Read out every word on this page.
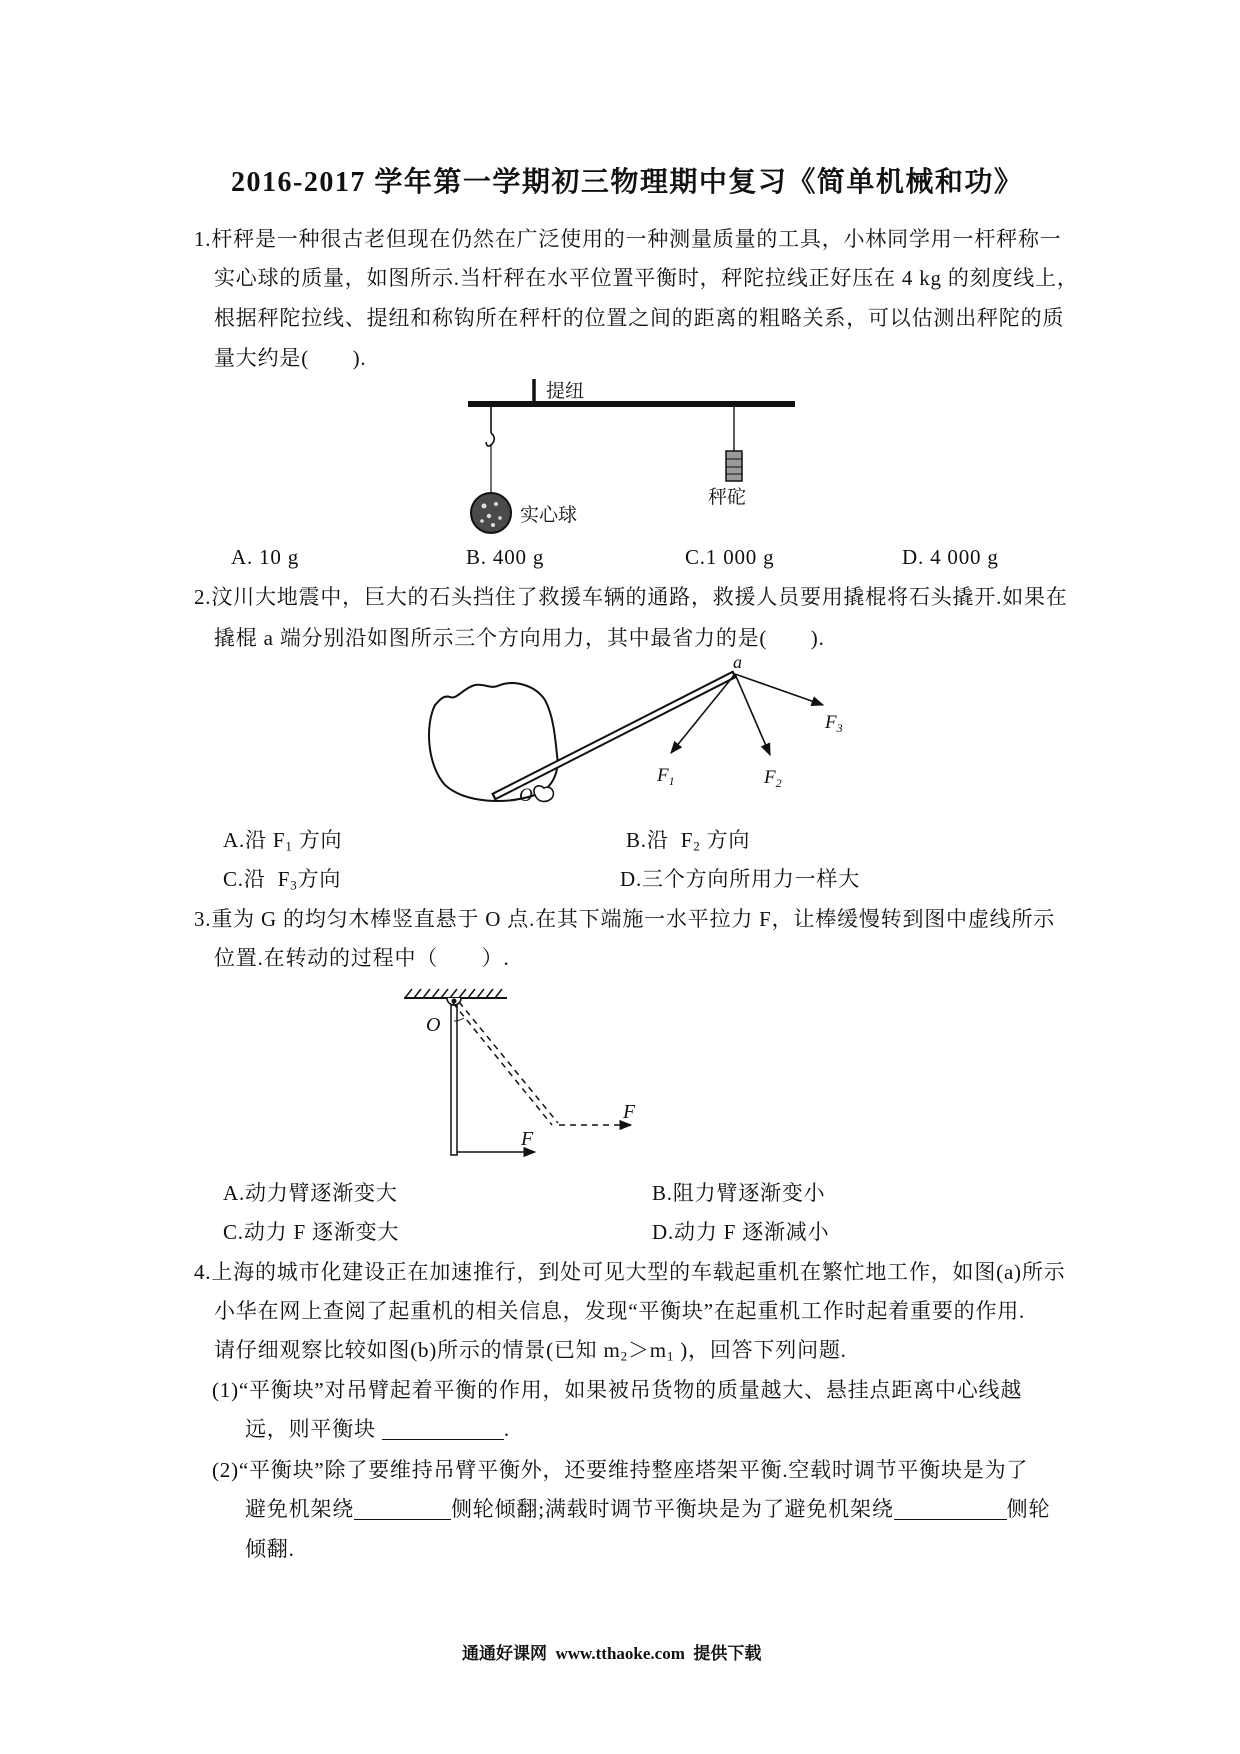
2016-2017 学年第一学期初三物理期中复习《简单机械和功》
1.杆秤是一种很古老但现在仍然在广泛使用的一种测量质量的工具，小林同学用一杆秤称一
实心球的质量，如图所示.当杆秤在水平位置平衡时，秤陀拉线正好压在 4 kg 的刻度线上，
根据秤陀拉线、提纽和称钩所在秤杆的位置之间的距离的粗略关系，可以估测出秤陀的质
量大约是(　　).
提纽
实心球
秤砣
A. 10 g	B. 400 g	C.1 000 g	D. 4 000 g
2.汶川大地震中，巨大的石头挡住了救援车辆的通路，救援人员要用撬棍将石头撬开.如果在
撬棍 a 端分别沿如图所示三个方向用力，其中最省力的是(　　).
O
a
$F_3$
$F_1$	$F_2$
A.沿 $F_1$ 方向	B.沿  $F_2$ 方向
C.沿  $F_3$方向	D.三个方向所用力一样大
3.重为 G 的均匀木棒竖直悬于 O 点.在其下端施一水平拉力 F，让棒缓慢转到图中虚线所示
位置.在转动的过程中（　　）.
O
F
F
A.动力臂逐渐变大	B.阻力臂逐渐变小
C.动力 F 逐渐变大	D.动力 F 逐渐减小
4.上海的城市化建设正在加速推行，到处可见大型的车载起重机在繁忙地工作，如图(a)所示
小华在网上查阅了起重机的相关信息，发现“平衡块”在起重机工作时起着重要的作用.
请仔细观察比较如图(b)所示的情景(已知 $m_2>m_1$ )，回答下列问题.
(1)“平衡块”对吊臂起着平衡的作用，如果被吊货物的质量越大、悬挂点距离中心线越
远，则平衡块	.
(2)“平衡块”除了要维持吊臂平衡外，还要维持整座塔架平衡.空载时调节平衡块是为了
避免机架绕	侧轮倾翻;满载时调节平衡块是为了避免机架绕	侧轮
倾翻.
通通好课网  www.tthaoke.com  提供下载
